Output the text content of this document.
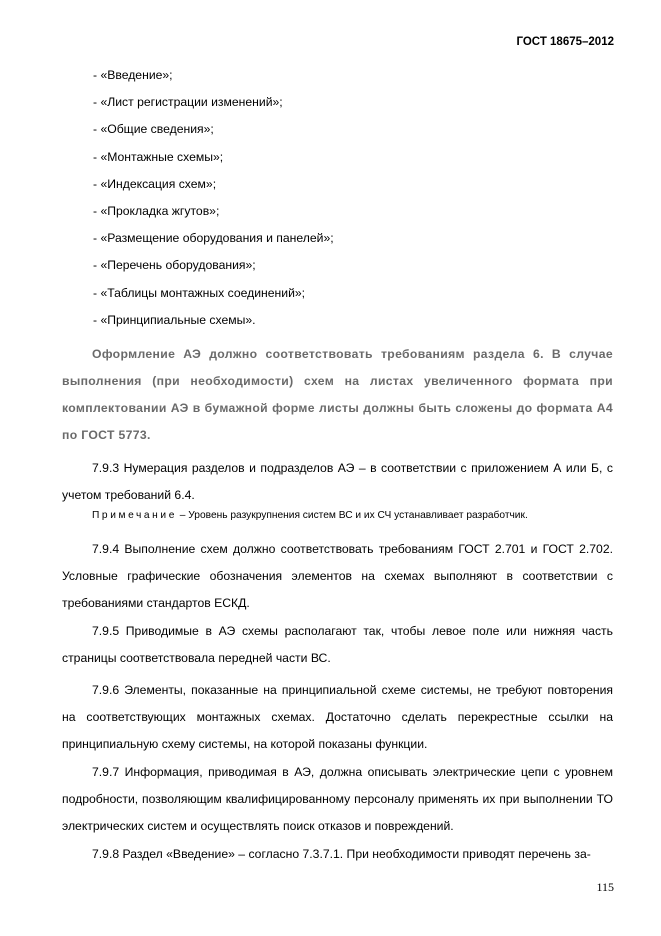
ГОСТ 18675–2012
- «Введение»;
- «Лист регистрации изменений»;
- «Общие сведения»;
- «Монтажные схемы»;
- «Индексация схем»;
- «Прокладка жгутов»;
- «Размещение оборудования и панелей»;
- «Перечень оборудования»;
- «Таблицы монтажных соединений»;
- «Принципиальные схемы».

Оформление АЭ должно соответствовать требованиям раздела 6. В случае выполнения (при необходимости) схем на листах увеличенного формата при комплектовании АЭ в бумажной форме листы должны быть сложены до формата А4 по ГОСТ 5773.

7.9.3 Нумерация разделов и подразделов АЭ – в соответствии с приложением А или Б, с учетом требований 6.4.

Примечание – Уровень разукрупнения систем ВС и их СЧ устанавливает разработчик.

7.9.4 Выполнение схем должно соответствовать требованиям ГОСТ 2.701 и ГОСТ 2.702. Условные графические обозначения элементов на схемах выполняют в соответствии с требованиями стандартов ЕСКД.

7.9.5 Приводимые в АЭ схемы располагают так, чтобы левое поле или нижняя часть страницы соответствовала передней части ВС.

7.9.6 Элементы, показанные на принципиальной схеме системы, не требуют повторения на соответствующих монтажных схемах. Достаточно сделать перекрестные ссылки на принципиальную схему системы, на которой показаны функции.

7.9.7 Информация, приводимая в АЭ, должна описывать электрические цепи с уровнем подробности, позволяющим квалифицированному персоналу применять их при выполнении ТО электрических систем и осуществлять поиск отказов и повреждений.

7.9.8 Раздел «Введение» – согласно 7.3.7.1. При необходимости приводят перечень за-

115
